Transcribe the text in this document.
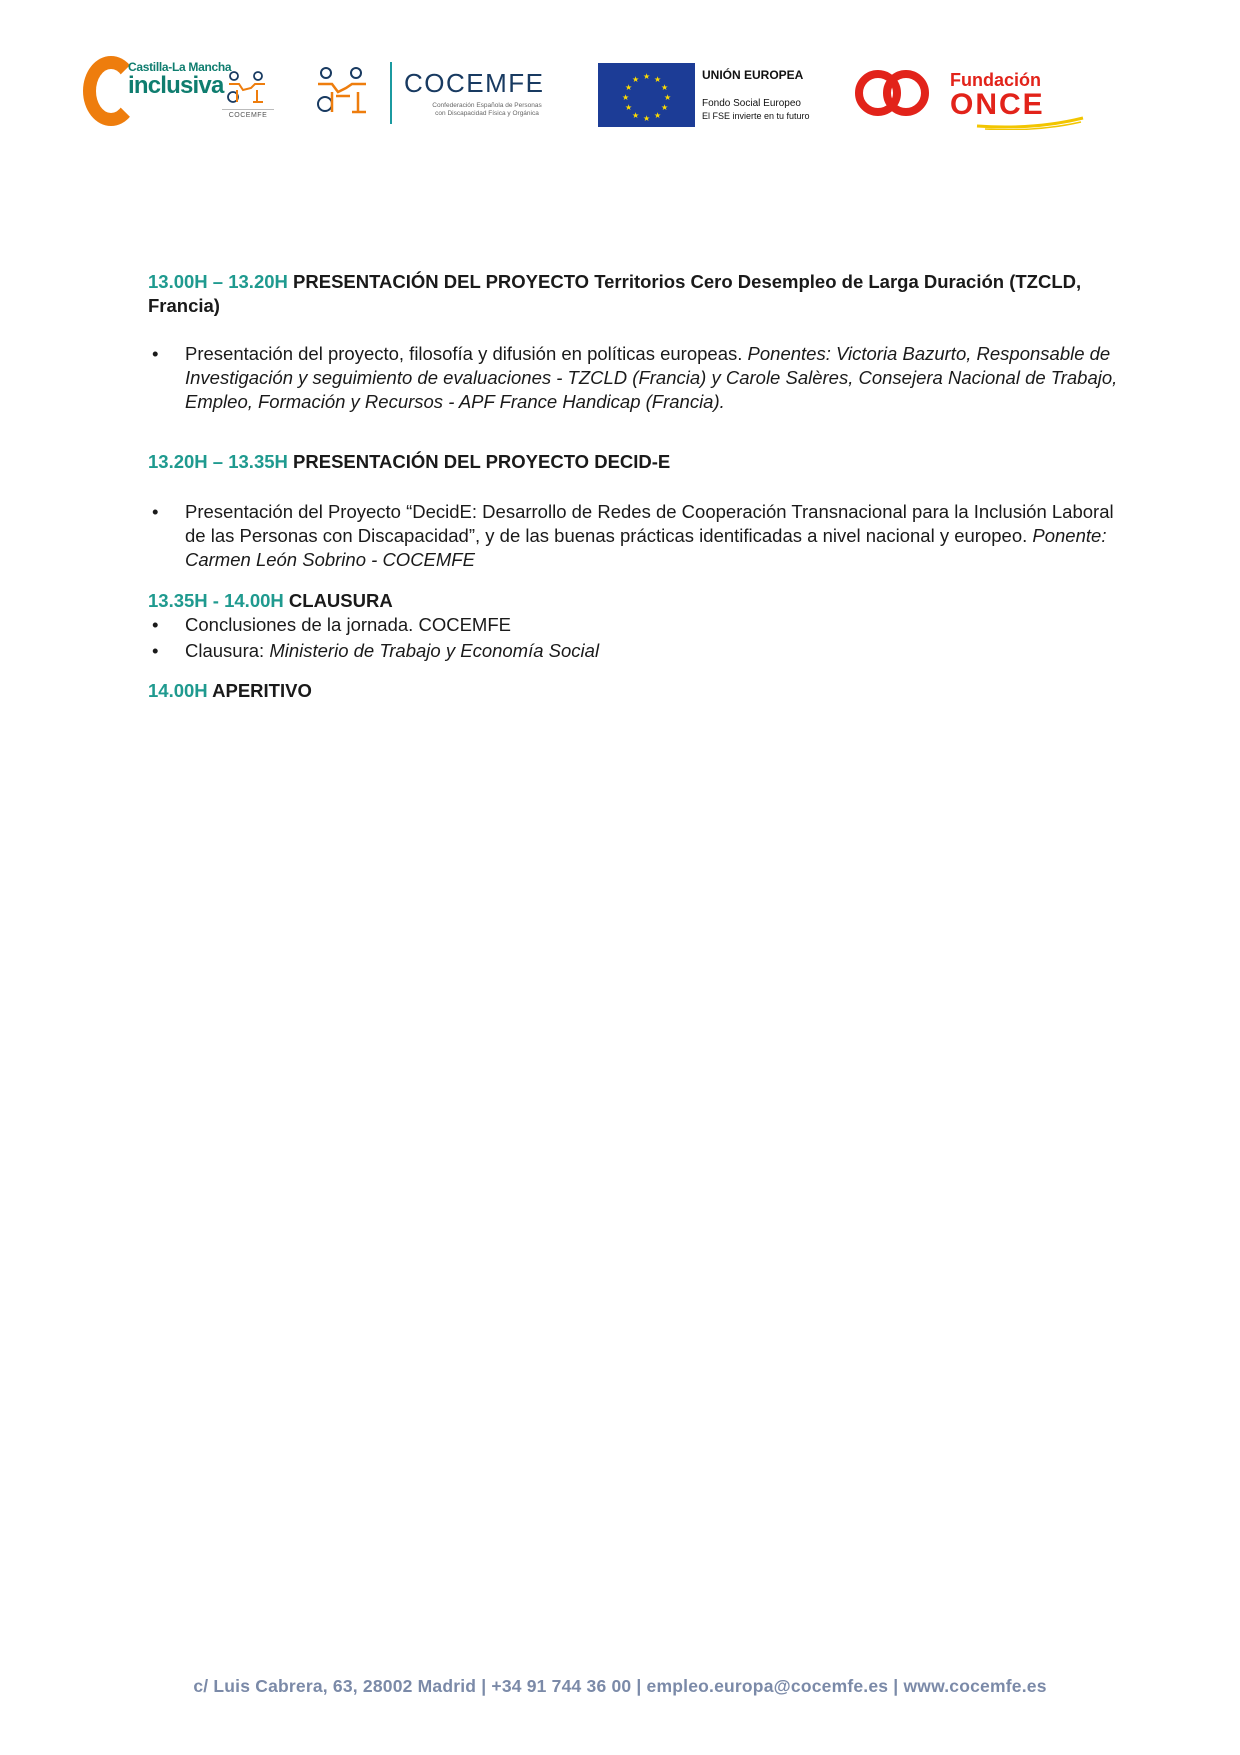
Castilla-La Mancha
inclusiva
COCEMFE
COCEMFE
Confederación Española de Personas
con Discapacidad Física y Orgánica
★ ★
★
★
★
★
★
★
★
★
★
★	UNIÓN EUROPEA
Fondo Social Europeo
El FSE invierte en tu futuro
Fundación
ONCE

13.00H – 13.20H PRESENTACIÓN DEL PROYECTO Territorios Cero Desempleo de Larga Duración (TZCLD, Francia)

• Presentación del proyecto, filosofía y difusión en políticas europeas. Ponentes: Victoria Bazurto, Responsable de Investigación y seguimiento de evaluaciones - TZCLD (Francia) y Carole Salères, Consejera Nacional de Trabajo, Empleo, Formación y Recursos - APF France Handicap (Francia).

13.20H – 13.35H PRESENTACIÓN DEL PROYECTO DECID-E

• Presentación del Proyecto “DecidE: Desarrollo de Redes de Cooperación Transnacional para la Inclusión Laboral de las Personas con Discapacidad”, y de las buenas prácticas identificadas a nivel nacional y europeo. Ponente: Carmen León Sobrino - COCEMFE

13.35H - 14.00H CLAUSURA

• Conclusiones de la jornada. COCEMFE
• Clausura: Ministerio de Trabajo y Economía Social

14.00H APERITIVO

c/ Luis Cabrera, 63, 28002 Madrid | +34 91 744 36 00 | empleo.europa@cocemfe.es | www.cocemfe.es
